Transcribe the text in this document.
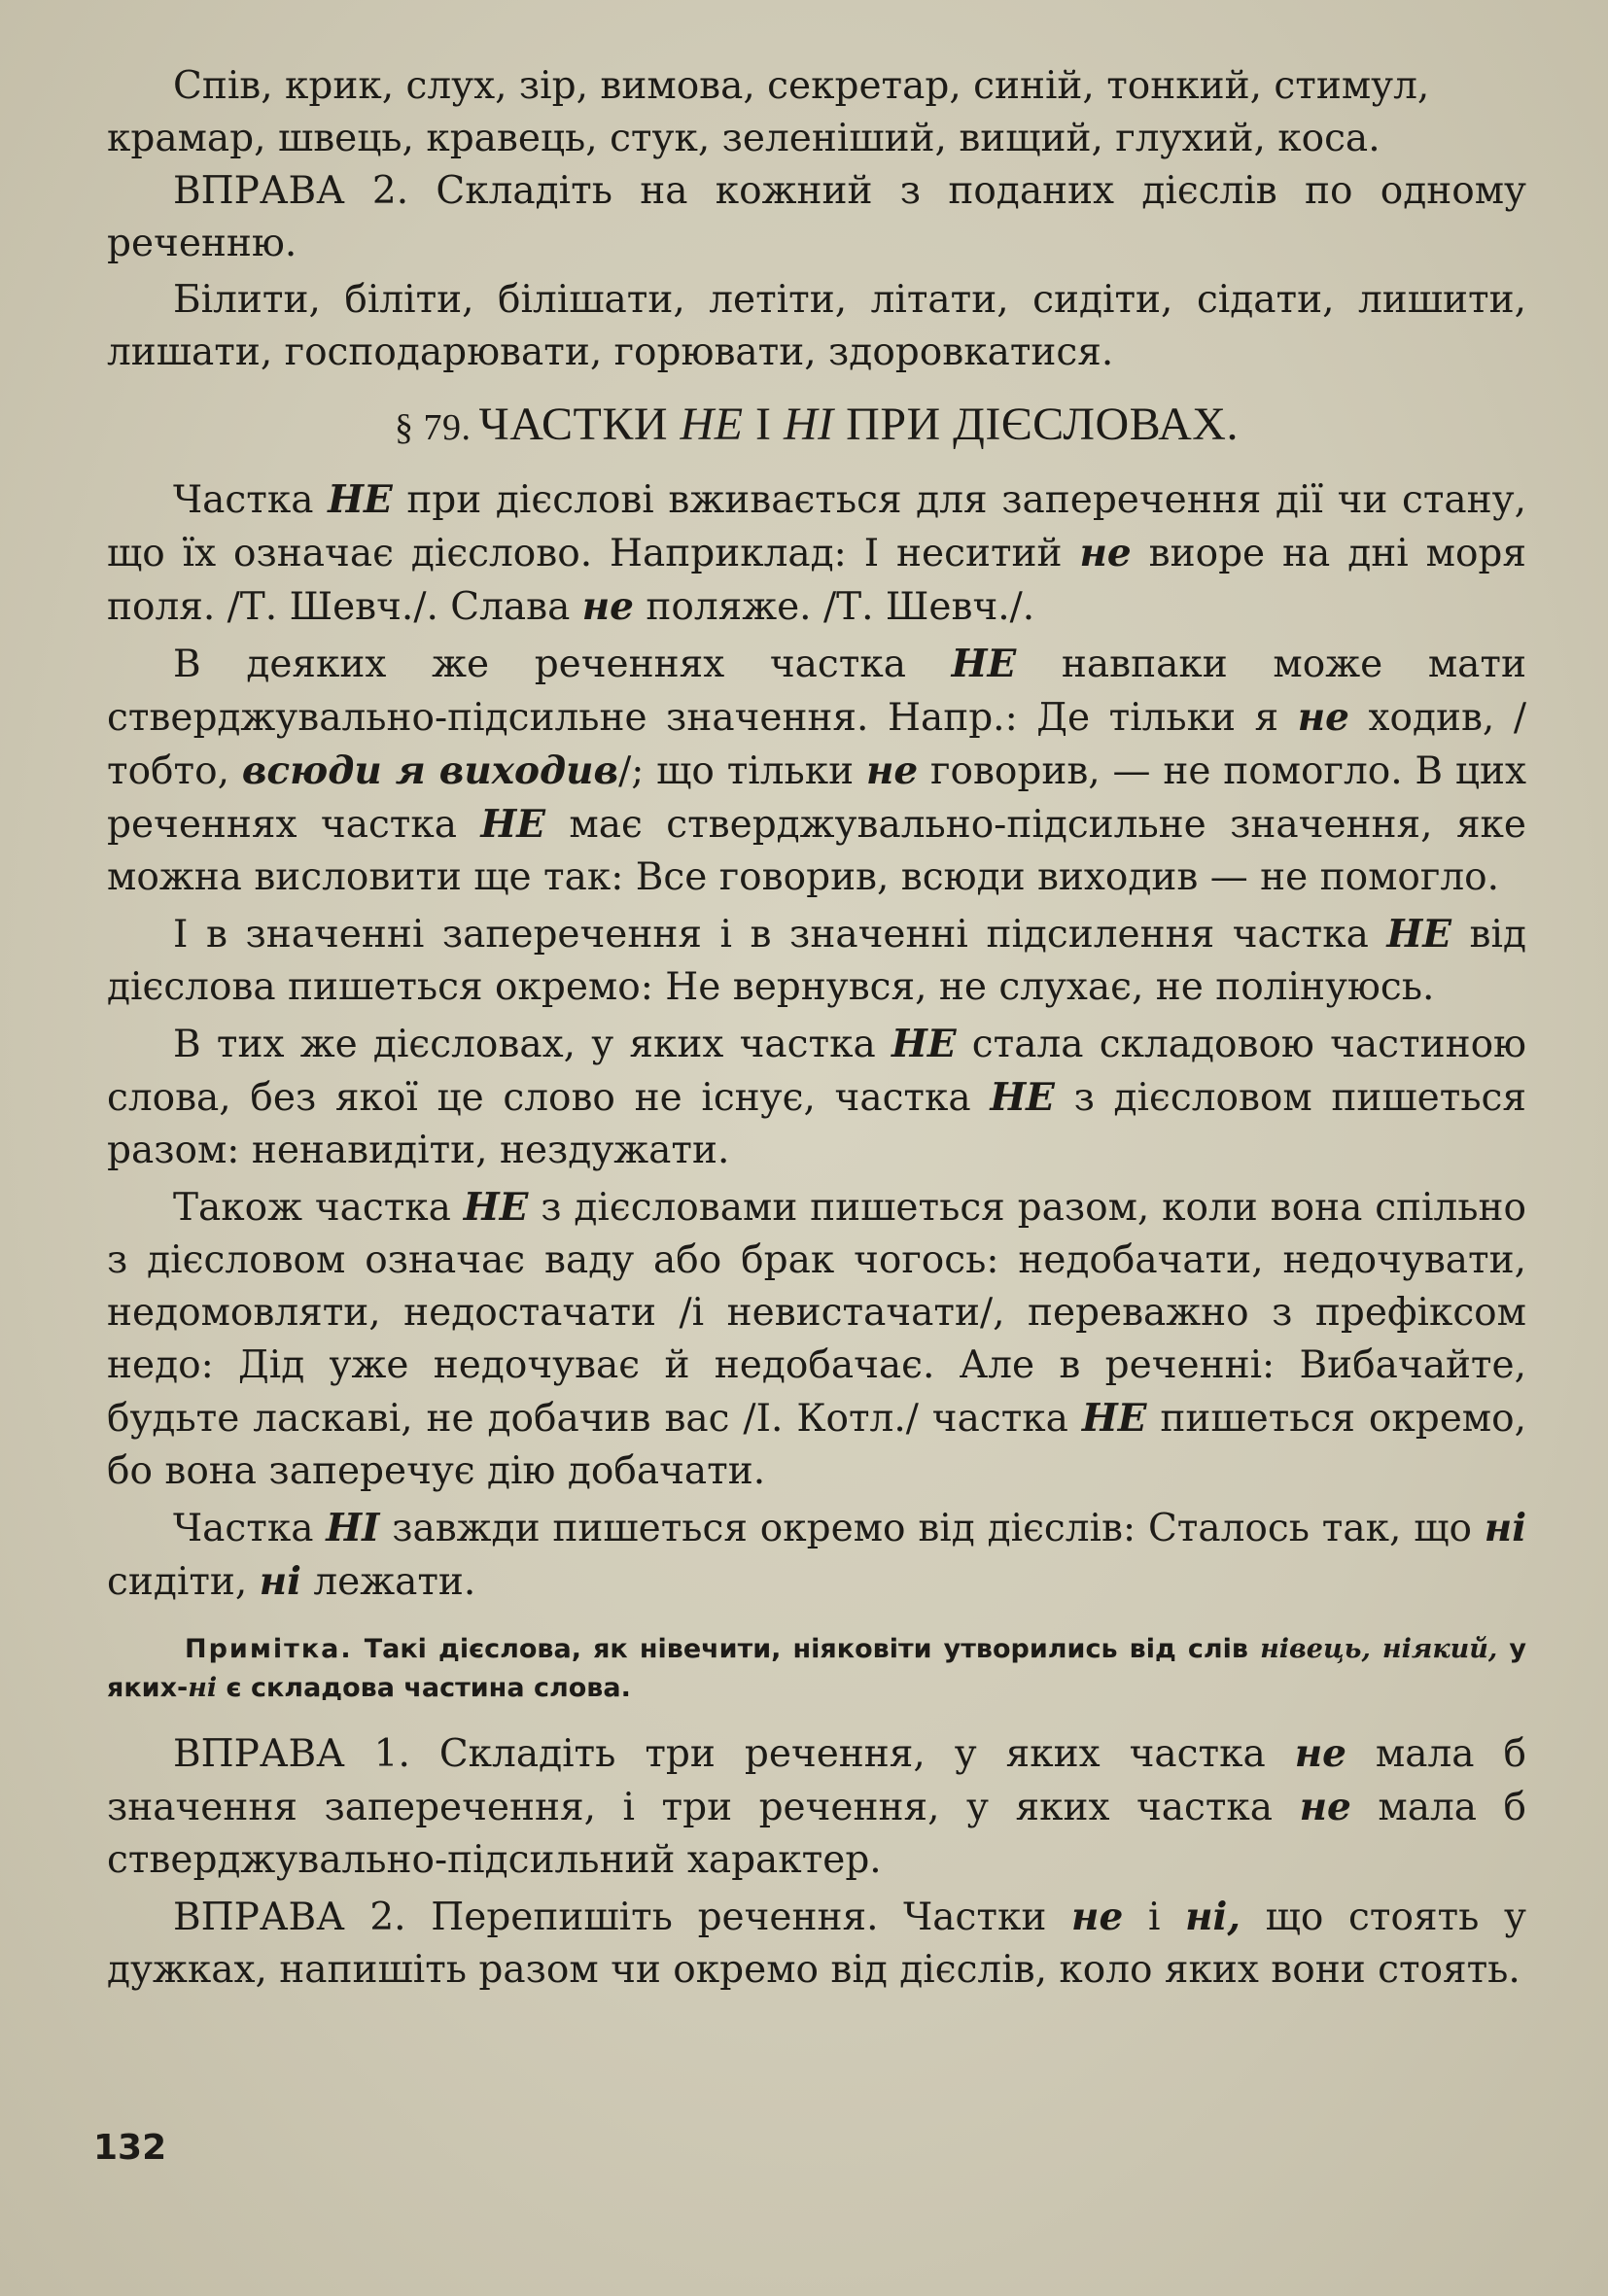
Спів, крик, слух, зір, вимова, секретар, синій, тонкий, стимул,

крамар, швець, кравець, стук, зеленіший, вищий, глухий, коса.

ВПРАВА 2. Складіть на кожний з поданих дієслів по одному реченню.

Білити, біліти, білішати, летіти, літати, сидіти, сідати, лишити, лишати, господарювати, горювати, здоровкатися.

§ 79. ЧАСТКИ НЕ І НІ ПРИ ДІЄСЛОВАХ.

Частка НЕ при дієслові вживається для заперечення дії чи стану, що їх означає дієслово. Наприклад: І неситий не виоре на дні моря поля. /Т. Шевч./. Слава не поляже. /Т. Шевч./.

В деяких же реченнях частка НЕ навпаки може мати стверджувально-підсильне значення. Напр.: Де тільки я не ходив, /тобто, всюди я виходив/; що тільки не говорив, — не помогло. В цих реченнях частка НЕ має стверджувально-підсильне значення, яке можна висловити ще так: Все говорив, всюди виходив — не помогло.

І в значенні заперечення і в значенні підсилення частка НЕ від дієслова пишеться окремо: Не вернувся, не слухає, не полінуюсь.

В тих же дієсловах, у яких частка НЕ стала складовою частиною слова, без якої це слово не існує, частка НЕ з дієсловом пишеться разом: ненавидіти, нездужати.

Також частка НЕ з дієсловами пишеться разом, коли вона спільно з дієсловом означає ваду або брак чогось: недобачати, недочувати, недомовляти, недостачати /і невистачати/, переважно з префіксом недо: Дід уже недочуває й недобачає. Але в реченні: Вибачайте, будьте ласкаві, не добачив вас /І. Котл./ частка НЕ пишеться окремо, бо вона заперечує дію добачати.

Частка НІ завжди пишеться окремо від дієслів: Сталось так, що ні сидіти, ні лежати.

Примітка. Такі дієслова, як нівечити, ніяковіти утворились від слів нівець, ніякий, у яких-ні є складова частина слова.

ВПРАВА 1. Складіть три речення, у яких частка не мала б значення заперечення, і три речення, у яких частка не мала б стверджувально-підсильний характер.

ВПРАВА 2. Перепишіть речення. Частки не і ні, що стоять у дужках, напишіть разом чи окремо від дієслів, коло яких вони стоять.

132
